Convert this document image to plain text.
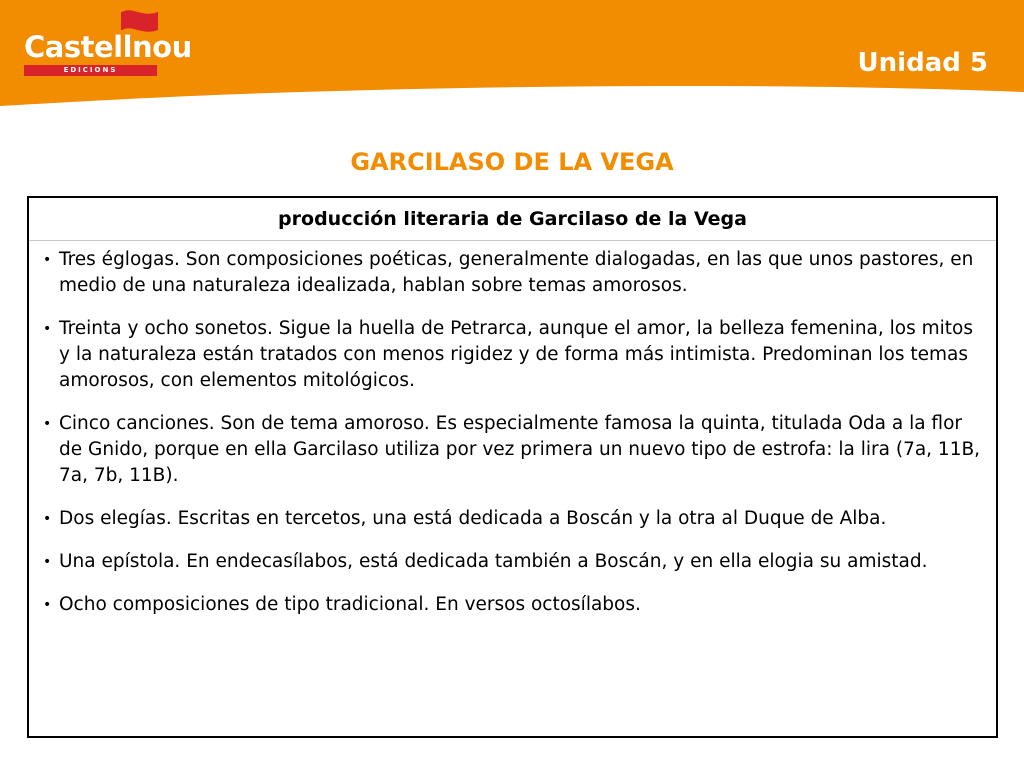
Castellnou
EDICIONS	Unidad 5
GARCILASO DE LA VEGA
producción literaria de Garcilaso de la Vega
• Tres églogas. Son composiciones poéticas, generalmente dialogadas, en las que unos pastores, en medio de una naturaleza idealizada, hablan sobre temas amorosos.
• Treinta y ocho sonetos. Sigue la huella de Petrarca, aunque el amor, la belleza femenina, los mitos y la naturaleza están tratados con menos rigidez y de forma más intimista. Predominan los temas amorosos, con elementos mitológicos.
• Cinco canciones. Son de tema amoroso. Es especialmente famosa la quinta, titulada Oda a la flor de Gnido, porque en ella Garcilaso utiliza por vez primera un nuevo tipo de estrofa: la lira (7a, 11B, 7a, 7b, 11B).
• Dos elegías. Escritas en tercetos, una está dedicada a Boscán y la otra al Duque de Alba.
• Una epístola. En endecasílabos, está dedicada también a Boscán, y en ella elogia su amistad.
• Ocho composiciones de tipo tradicional. En versos octosílabos.
